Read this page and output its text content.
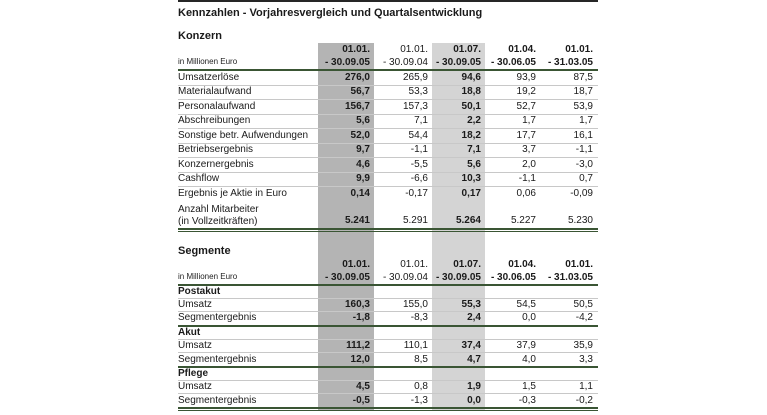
Kennzahlen - Vorjahresvergleich und Quartalsentwicklung
Konzern
in Millionen Euro
01.01.
- 30.09.05
01.01.
- 30.09.04
01.07.
- 30.09.05
01.04.
- 30.06.05
01.01.
- 31.03.05
Umsatzerlöse	276,0	265,9	94,6	93,9	87,5
Materialaufwand	56,7	53,3	18,8	19,2	18,7
Personalaufwand	156,7	157,3	50,1	52,7	53,9
Abschreibungen	5,6	7,1	2,2	1,7	1,7
Sonstige betr. Aufwendungen	52,0	54,4	18,2	17,7	16,1
Betriebsergebnis	9,7	-1,1	7,1	3,7	-1,1
Konzernergebnis	4,6	-5,5	5,6	2,0	-3,0
Cashflow	9,9	-6,6	10,3	-1,1	0,7
Ergebnis je Aktie in Euro	0,14	-0,17	0,17	0,06	-0,09
Anzahl Mitarbeiter
(in Vollzeitkräften)	5.241	5.291	5.264	5.227	5.230
Segmente
in Millionen Euro
01.01.
- 30.09.05
01.01.
- 30.09.04
01.07.
- 30.09.05
01.04.
- 30.06.05
01.01.
- 31.03.05
Postakut
Umsatz	160,3	155,0	55,3	54,5	50,5
Segmentergebnis	-1,8	-8,3	2,4	0,0	-4,2
Akut
Umsatz	111,2	110,1	37,4	37,9	35,9
Segmentergebnis	12,0	8,5	4,7	4,0	3,3
Pflege
Umsatz	4,5	0,8	1,9	1,5	1,1
Segmentergebnis	-0,5	-1,3	0,0	-0,3	-0,2
